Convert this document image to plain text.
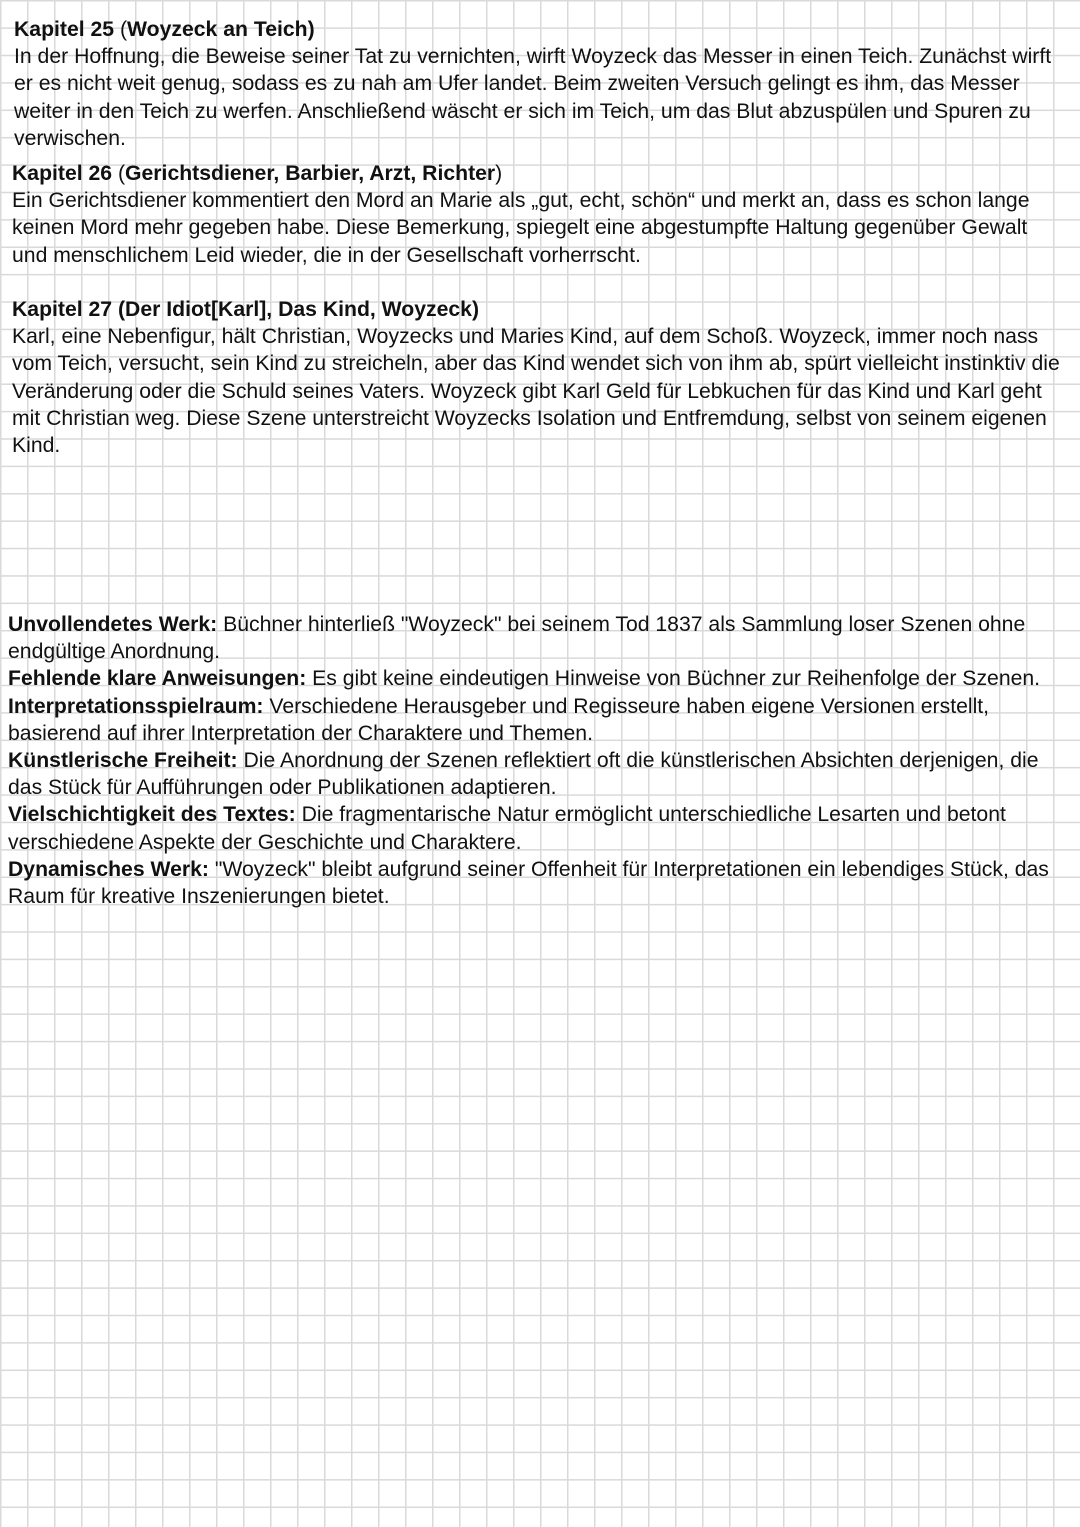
Kapitel 25 (Woyzeck an Teich)

In der Hoffnung, die Beweise seiner Tat zu vernichten, wirft Woyzeck das Messer in einen Teich. Zunächst wirft er es nicht weit genug, sodass es zu nah am Ufer landet. Beim zweiten Versuch gelingt es ihm, das Messer weiter in den Teich zu werfen. Anschließend wäscht er sich im Teich, um das Blut abzuspülen und Spuren zu verwischen.

Kapitel 26 (Gerichtsdiener, Barbier, Arzt, Richter)

Ein Gerichtsdiener kommentiert den Mord an Marie als „gut, echt, schön“ und merkt an, dass es schon lange keinen Mord mehr gegeben habe. Diese Bemerkung, spiegelt eine abgestumpfte Haltung gegenüber Gewalt und menschlichem Leid wieder, die in der Gesellschaft vorherrscht.

Kapitel 27 (Der Idiot[Karl], Das Kind, Woyzeck)

Karl, eine Nebenfigur, hält Christian, Woyzecks und Maries Kind, auf dem Schoß. Woyzeck, immer noch nass vom Teich, versucht, sein Kind zu streicheln, aber das Kind wendet sich von ihm ab, spürt vielleicht instinktiv die Veränderung oder die Schuld seines Vaters. Woyzeck gibt Karl Geld für Lebkuchen für das Kind und Karl geht mit Christian weg. Diese Szene unterstreicht Woyzecks Isolation und Entfremdung, selbst von seinem eigenen Kind.

Unvollendetes Werk: Büchner hinterließ "Woyzeck" bei seinem Tod 1837 als Sammlung loser Szenen ohne endgültige Anordnung.

Fehlende klare Anweisungen: Es gibt keine eindeutigen Hinweise von Büchner zur Reihenfolge der Szenen.

Interpretationsspielraum: Verschiedene Herausgeber und Regisseure haben eigene Versionen erstellt, basierend auf ihrer Interpretation der Charaktere und Themen.

Künstlerische Freiheit: Die Anordnung der Szenen reflektiert oft die künstlerischen Absichten derjenigen, die das Stück für Aufführungen oder Publikationen adaptieren.

Vielschichtigkeit des Textes: Die fragmentarische Natur ermöglicht unterschiedliche Lesarten und betont verschiedene Aspekte der Geschichte und Charaktere.

Dynamisches Werk: "Woyzeck" bleibt aufgrund seiner Offenheit für Interpretationen ein lebendiges Stück, das Raum für kreative Inszenierungen bietet.
